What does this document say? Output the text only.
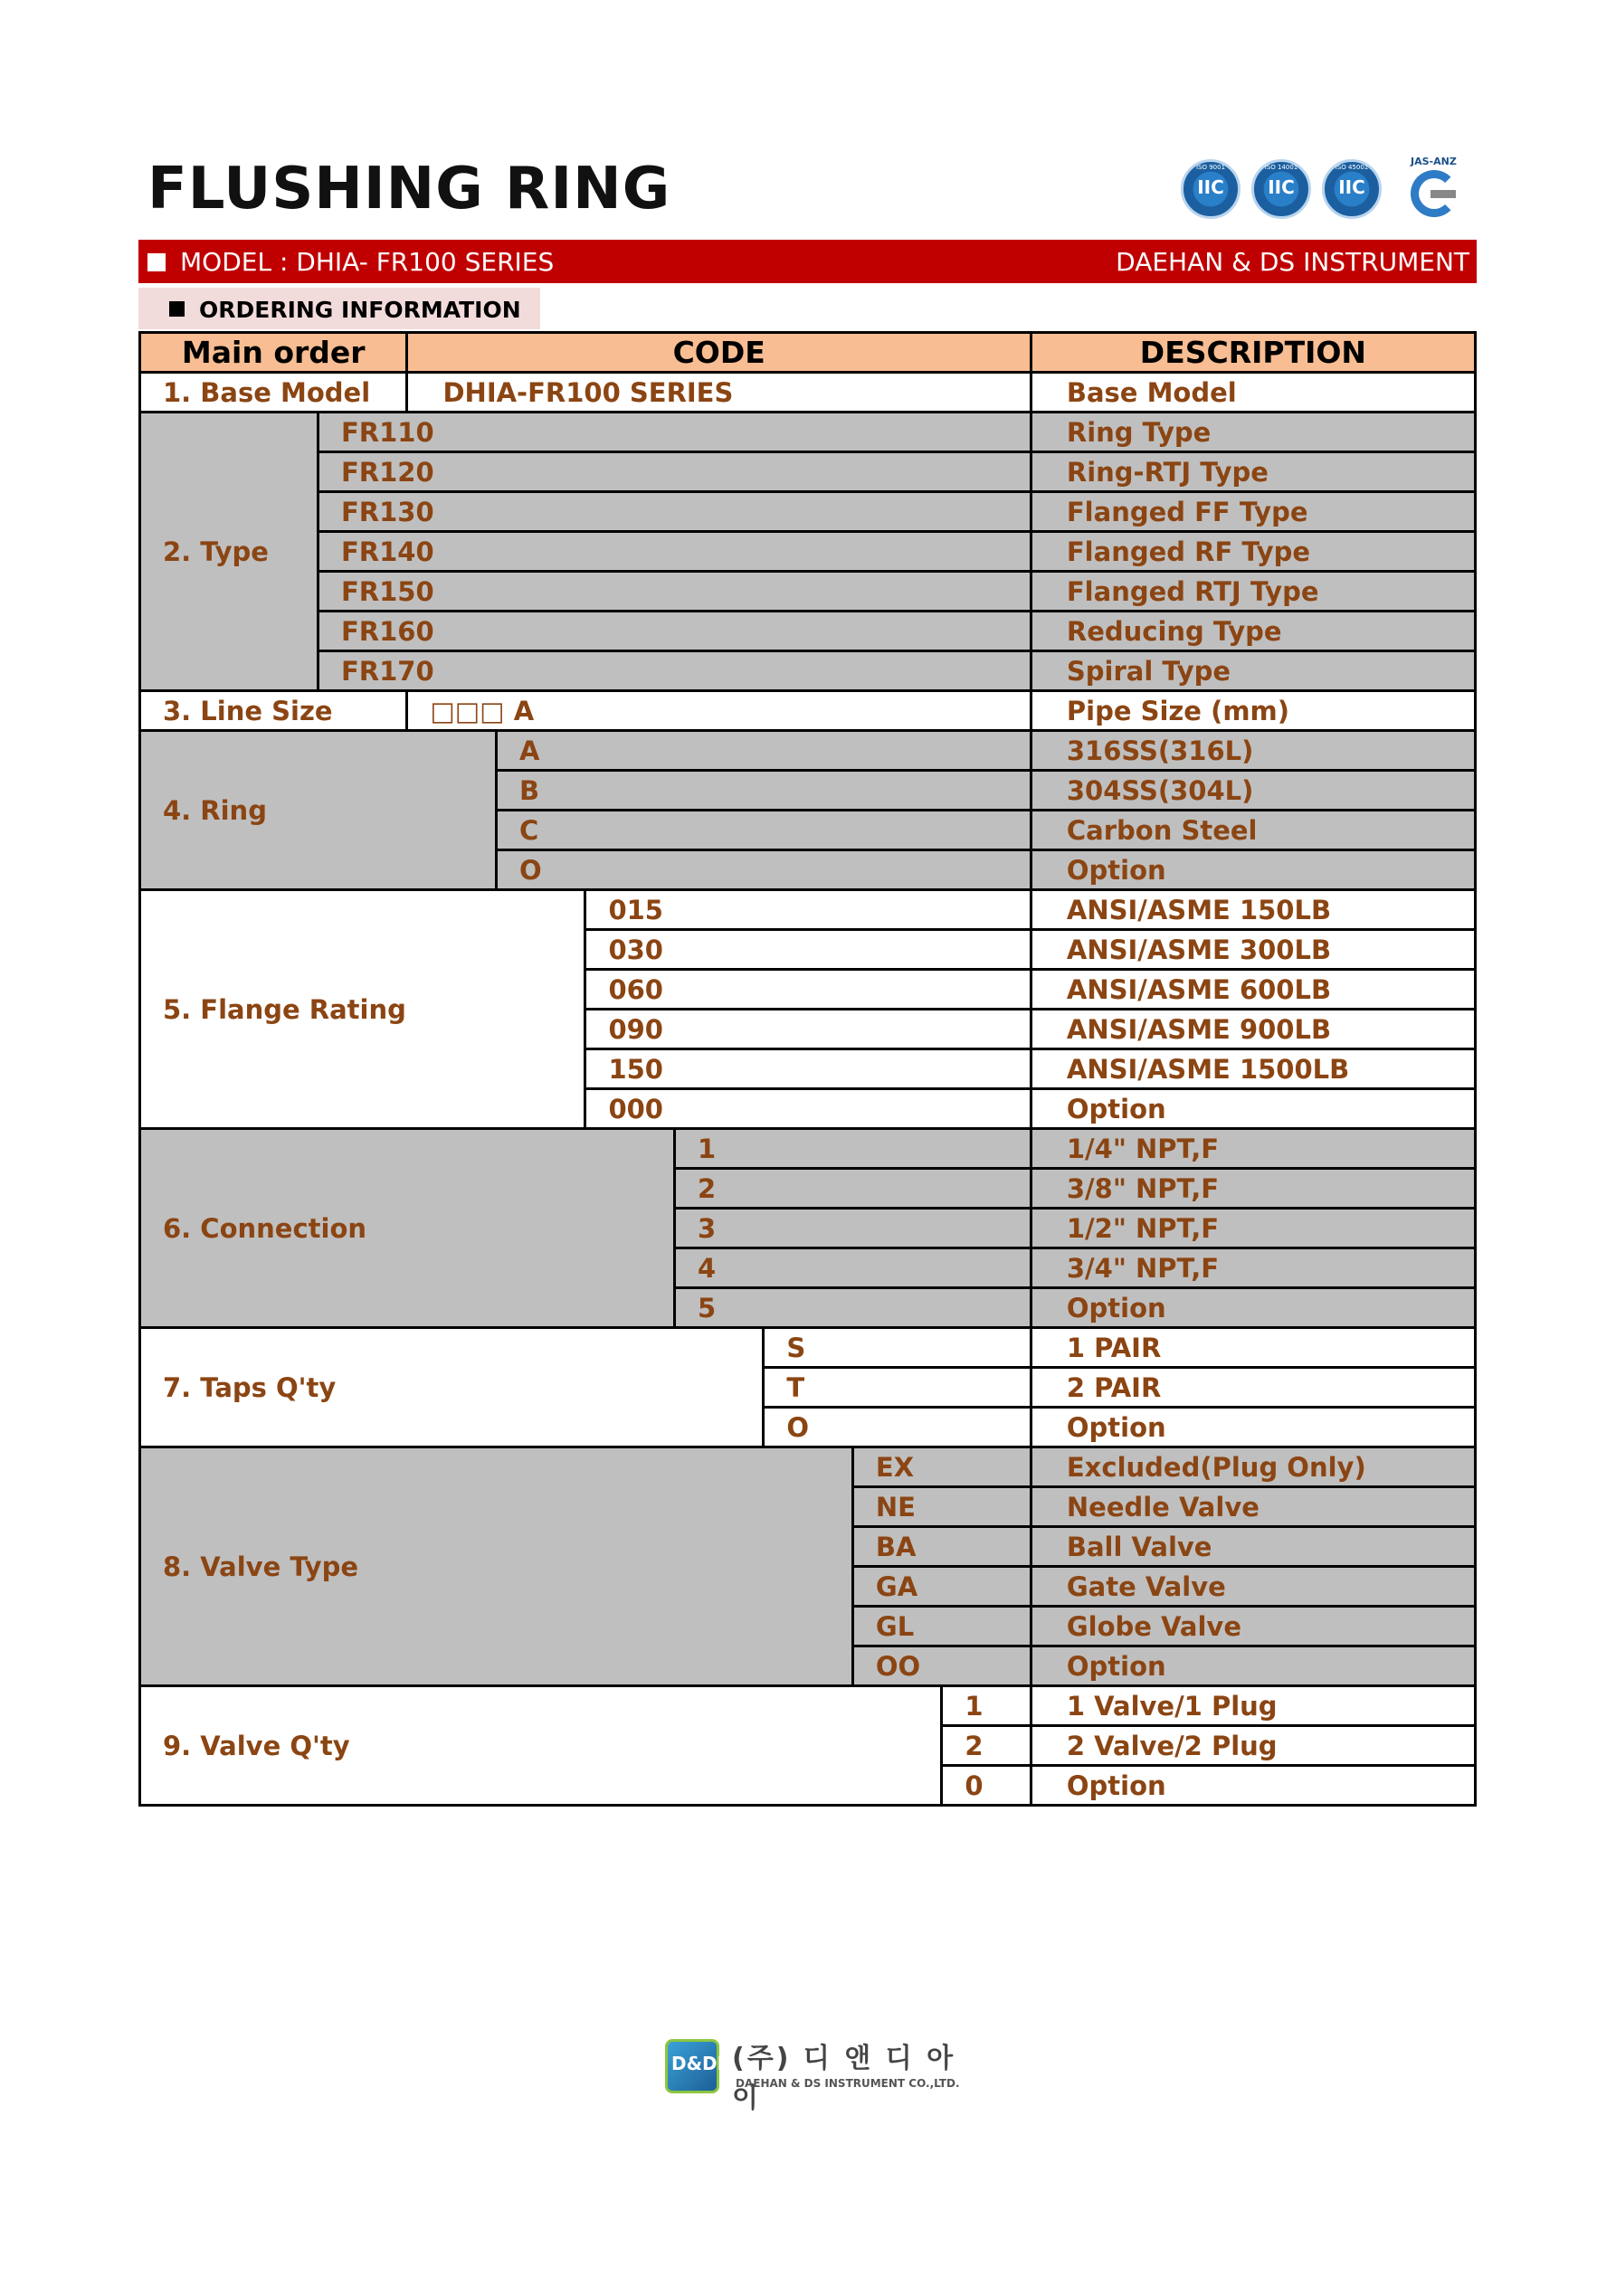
FLUSHING RING	ISO 9001
IIC
ISO 14001
IIC
ISO 45001
IIC
JAS-ANZ
MODEL : DHIA- FR100 SERIES	DAEHAN & DS INSTRUMENT
ORDERING INFORMATION
Main order		CODE							DESCRIPTION
1. Base Model		DHIA-FR100 SERIES							Base Model
2. Type	FR110								Ring Type
	FR120								Ring-RTJ Type
	FR130								Flanged FF Type
	FR140								Flanged RF Type
	FR150								Flanged RTJ Type
	FR160								Reducing Type
	FR170								Spiral Type
3. Line Size		□□□ A							Pipe Size (mm)
4. Ring			A						316SS(316L)
			B						304SS(304L)
			C						Carbon Steel
			O						Option
5. Flange Rating				015					ANSI/ASME 150LB
				030					ANSI/ASME 300LB
				060					ANSI/ASME 600LB
				090					ANSI/ASME 900LB
				150					ANSI/ASME 1500LB
				000					Option
6. Connection					1				1/4" NPT,F
					2				3/8" NPT,F
					3				1/2" NPT,F
					4				3/4" NPT,F
					5				Option
7. Taps Q'ty						S			1 PAIR
						T			2 PAIR
						O			Option
8. Valve Type							EX		Excluded(Plug Only)
							NE		Needle Valve
							BA		Ball Valve
							GA		Gate Valve
							GL		Globe Valve
							OO		Option
9. Valve Q'ty								1	1 Valve/1 Plug
								2	2 Valve/2 Plug
								0	Option
D&DI (주) 디 앤 디 아 이
DAEHAN & DS INSTRUMENT CO.,LTD.
